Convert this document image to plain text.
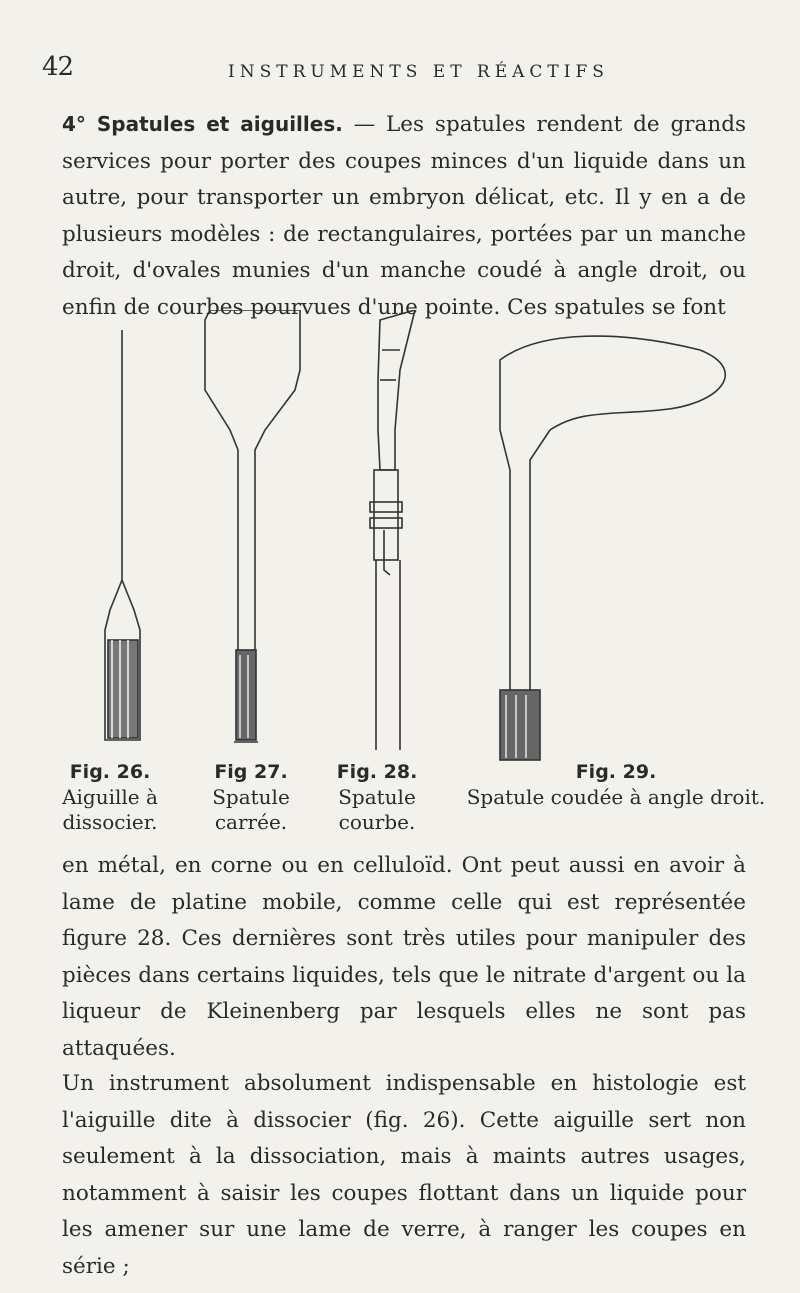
42	INSTRUMENTS ET RÉACTIFS

4° Spatules et aiguilles. — Les spatules rendent de grands services pour porter des coupes minces d'un liquide dans un autre, pour transporter un embryon délicat, etc. Il y en a de plusieurs modèles : de rectangulaires, portées par un manche droit, d'ovales munies d'un manche coudé à angle droit, ou enfin de courbes pourvues d'une pointe. Ces spatules se font

Fig. 26.
Aiguille à dissocier.
Fig 27.
Spatule carrée.
Fig. 28.
Spatule courbe.
Fig. 29.
Spatule coudée à angle droit.

en métal, en corne ou en celluloïd. Ont peut aussi en avoir à lame de platine mobile, comme celle qui est représentée figure 28. Ces dernières sont très utiles pour manipuler des pièces dans certains liquides, tels que le nitrate d'argent ou la liqueur de Kleinenberg par lesquels elles ne sont pas attaquées.

Un instrument absolument indispensable en histologie est l'aiguille dite à dissocier (fig. 26). Cette aiguille sert non seulement à la dissociation, mais à maints autres usages, notamment à saisir les coupes flottant dans un liquide pour les amener sur une lame de verre, à ranger les coupes en série ;
